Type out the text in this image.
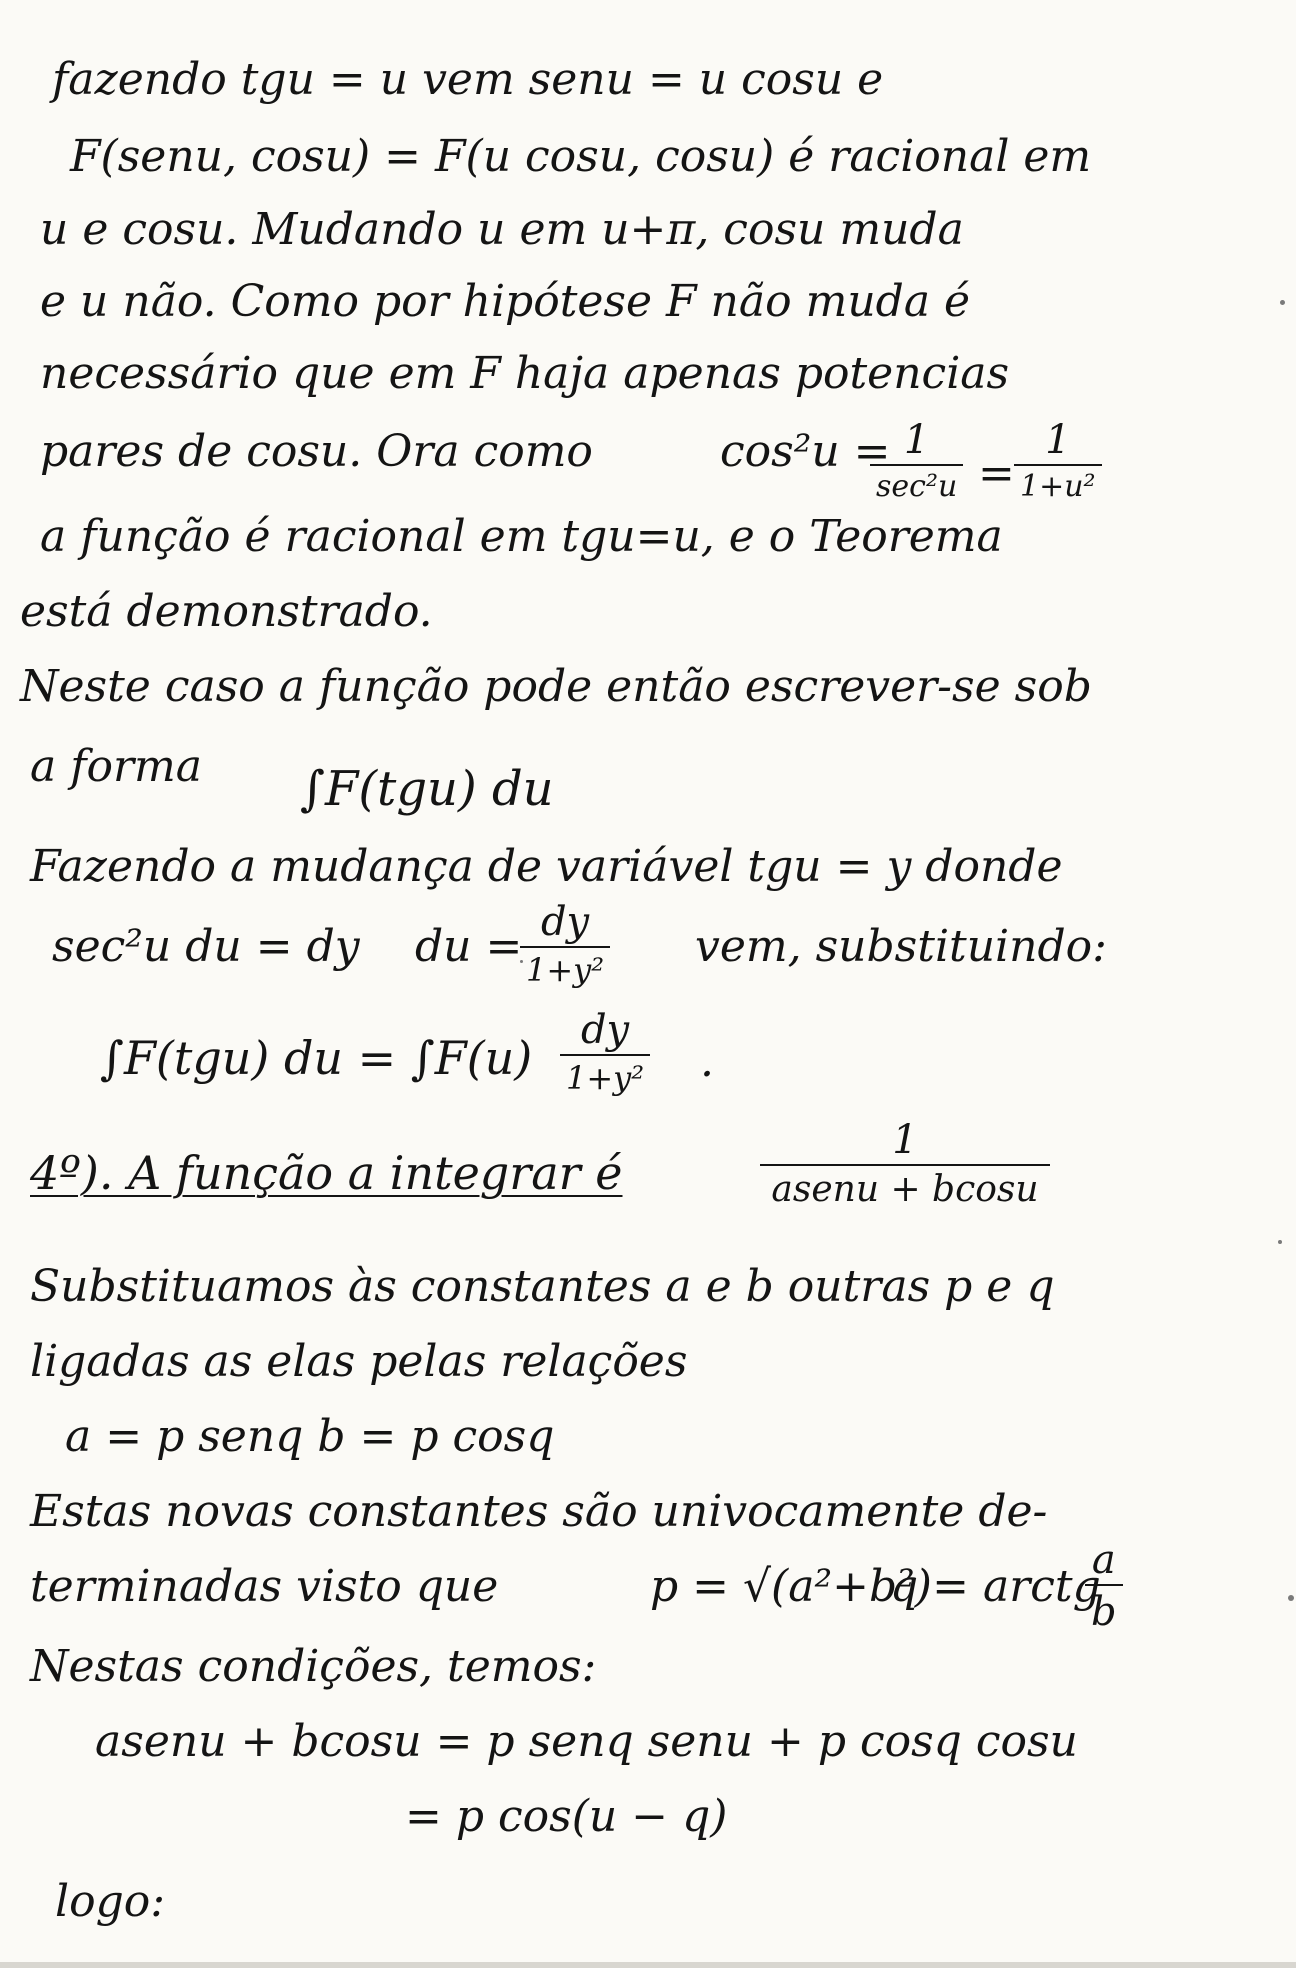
fazendo tgu = u vem senu = u cosu e
F(senu, cosu) = F(u cosu, cosu) é racional em
u e cosu. Mudando u em u+π, cosu muda
e u não. Como por hipótese F não muda é
necessário que em F haja apenas potencias
pares de cosu. Ora como	cos²u = 1
sec²u =
1
1+u²
a função é racional em tgu=u, e o Teorema
está demonstrado.
Neste caso a função pode então escrever-se sob
a forma ∫F(tgu) du
Fazendo a mudança de variável tgu = y donde
sec²u du = dy du = dy
1+y² vem, substituindo:
∫F(tgu) du = ∫F(u)
dy
1+y² .
4º). A função a integrar é
1
asenu + bcosu
Substituamos às constantes a e b outras p e q
ligadas as elas pelas relações
a = p senq b = p cosq
Estas novas constantes são univocamente de-
terminadas visto que	p = √(a²+b²)
q = arctg
a
b
Nestas condições, temos:
asenu + bcosu = p senq senu + p cosq cosu
= p cos(u − q)
logo:
